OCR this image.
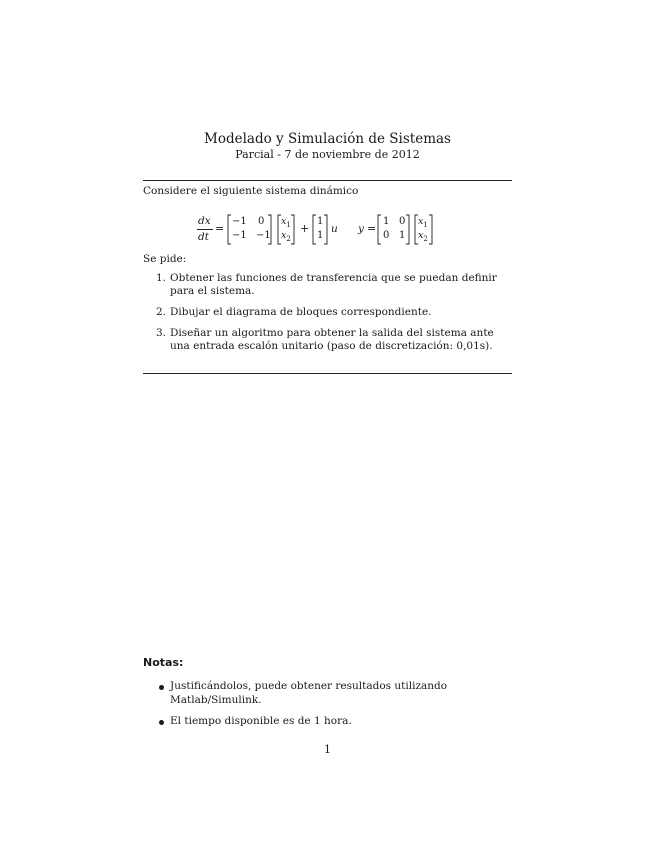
Modelado y Simulación de Sistemas
Parcial - 7 de noviembre de 2012
Considere el siguiente sistema dinámico
dx
dt
=
−1 0
−1 −1
$x_1$
$x_2$
+
1
1
u y =
1 0
0 1
$x_1$
$x_2$
Se pide:
1. Obtener las funciones de transferencia que se puedan definir para el sistema.
2. Dibujar el diagrama de bloques correspondiente.
3. Diseñar un algoritmo para obtener la salida del sistema ante una entrada escalón unitario (paso de discretización: 0,01s).
Notas:
Justificándolos, puede obtener resultados utilizando Matlab/Simulink.
El tiempo disponible es de 1 hora.
1
